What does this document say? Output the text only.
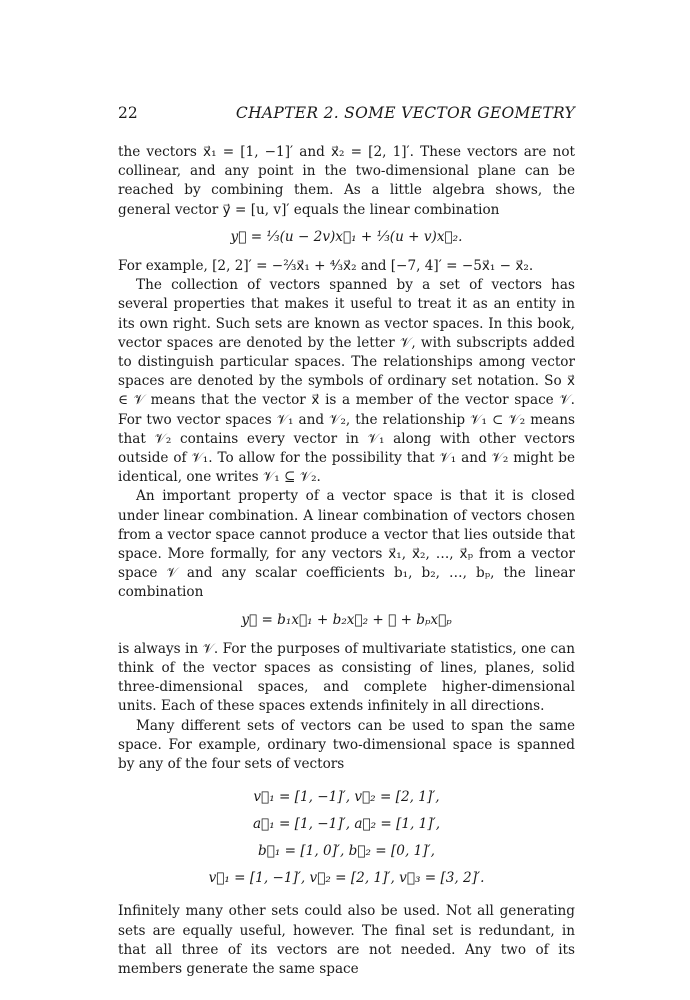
22	CHAPTER 2. SOME VECTOR GEOMETRY

the vectors x⃗₁ = [1, −1]′ and x⃗₂ = [2, 1]′. These vectors are not collinear, and any point in the two-dimensional plane can be reached by combining them. As a little algebra shows, the general vector y⃗ = [u, v]′ equals the linear combination

y⃗ = ⅓(u − 2v)x⃗₁ + ⅓(u + v)x⃗₂.

For example, [2, 2]′ = −⅔x⃗₁ + ⁴⁄₃x⃗₂ and [−7, 4]′ = −5x⃗₁ − x⃗₂.

The collection of vectors spanned by a set of vectors has several properties that makes it useful to treat it as an entity in its own right. Such sets are known as vector spaces. In this book, vector spaces are denoted by the letter 𝒱, with subscripts added to distinguish particular spaces. The relationships among vector spaces are denoted by the symbols of ordinary set notation. So x⃗ ∈ 𝒱 means that the vector x⃗ is a member of the vector space 𝒱. For two vector spaces 𝒱₁ and 𝒱₂, the relationship 𝒱₁ ⊂ 𝒱₂ means that 𝒱₂ contains every vector in 𝒱₁ along with other vectors outside of 𝒱₁. To allow for the possibility that 𝒱₁ and 𝒱₂ might be identical, one writes 𝒱₁ ⊆ 𝒱₂.

An important property of a vector space is that it is closed under linear combination. A linear combination of vectors chosen from a vector space cannot produce a vector that lies outside that space. More formally, for any vectors x⃗₁, x⃗₂, …, x⃗ₚ from a vector space 𝒱 and any scalar coefficients b₁, b₂, …, bₚ, the linear combination

y⃗ = b₁x⃗₁ + b₂x⃗₂ + ⋯ + bₚx⃗ₚ

is always in 𝒱. For the purposes of multivariate statistics, one can think of the vector spaces as consisting of lines, planes, solid three-dimensional spaces, and complete higher-dimensional units. Each of these spaces extends infinitely in all directions.

Many different sets of vectors can be used to span the same space. For example, ordinary two-dimensional space is spanned by any of the four sets of vectors

v⃗₁ = [1, −1]′, v⃗₂ = [2, 1]′,
a⃗₁ = [1, −1]′, a⃗₂ = [1, 1]′,
b⃗₁ = [1, 0]′, b⃗₂ = [0, 1]′,
v⃗₁ = [1, −1]′, v⃗₂ = [2, 1]′, v⃗₃ = [3, 2]′.

Infinitely many other sets could also be used. Not all generating sets are equally useful, however. The final set is redundant, in that all three of its vectors are not needed. Any two of its members generate the same space
